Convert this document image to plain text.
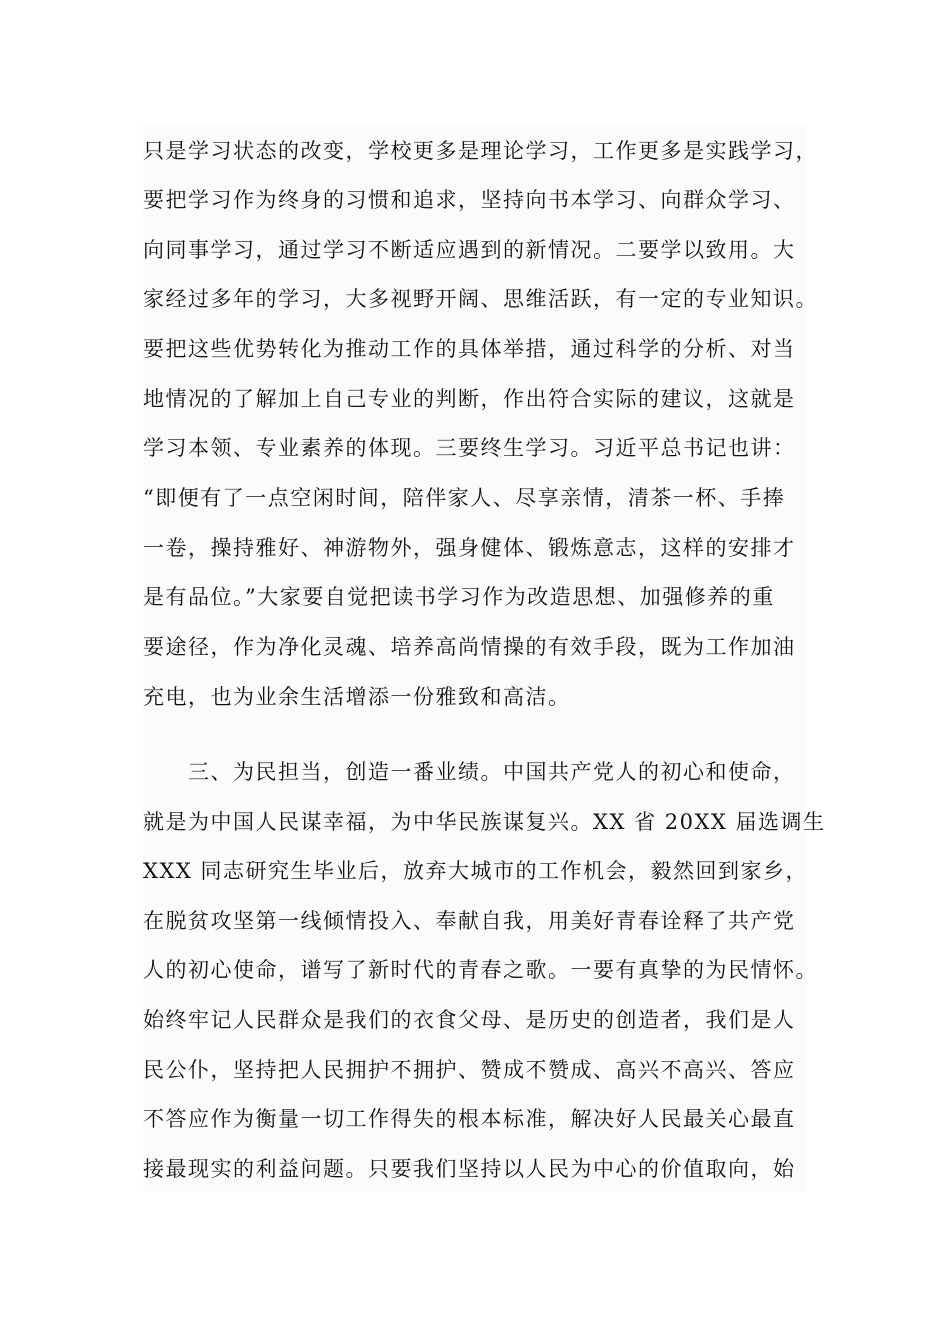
只是学习状态的改变，学校更多是理论学习，工作更多是实践学习，
要把学习作为终身的习惯和追求，坚持向书本学习、向群众学习、
向同事学习，通过学习不断适应遇到的新情况。二要学以致用。大
家经过多年的学习，大多视野开阔、思维活跃，有一定的专业知识。
要把这些优势转化为推动工作的具体举措，通过科学的分析、对当
地情况的了解加上自己专业的判断，作出符合实际的建议，这就是
学习本领、专业素养的体现。三要终生学习。习近平总书记也讲：
“即便有了一点空闲时间，陪伴家人、尽享亲情，清茶一杯、手捧
一卷，操持雅好、神游物外，强身健体、锻炼意志，这样的安排才
是有品位。”大家要自觉把读书学习作为改造思想、加强修养的重
要途径，作为净化灵魂、培养高尚情操的有效手段，既为工作加油
充电，也为业余生活增添一份雅致和高洁。
三、为民担当，创造一番业绩。中国共产党人的初心和使命，
就是为中国人民谋幸福，为中华民族谋复兴。XX 省 20XX 届选调生
XXX 同志研究生毕业后，放弃大城市的工作机会，毅然回到家乡，
在脱贫攻坚第一线倾情投入、奉献自我，用美好青春诠释了共产党
人的初心使命，谱写了新时代的青春之歌。一要有真挚的为民情怀。
始终牢记人民群众是我们的衣食父母、是历史的创造者，我们是人
民公仆，坚持把人民拥护不拥护、赞成不赞成、高兴不高兴、答应
不答应作为衡量一切工作得失的根本标准，解决好人民最关心最直
接最现实的利益问题。只要我们坚持以人民为中心的价值取向，始
